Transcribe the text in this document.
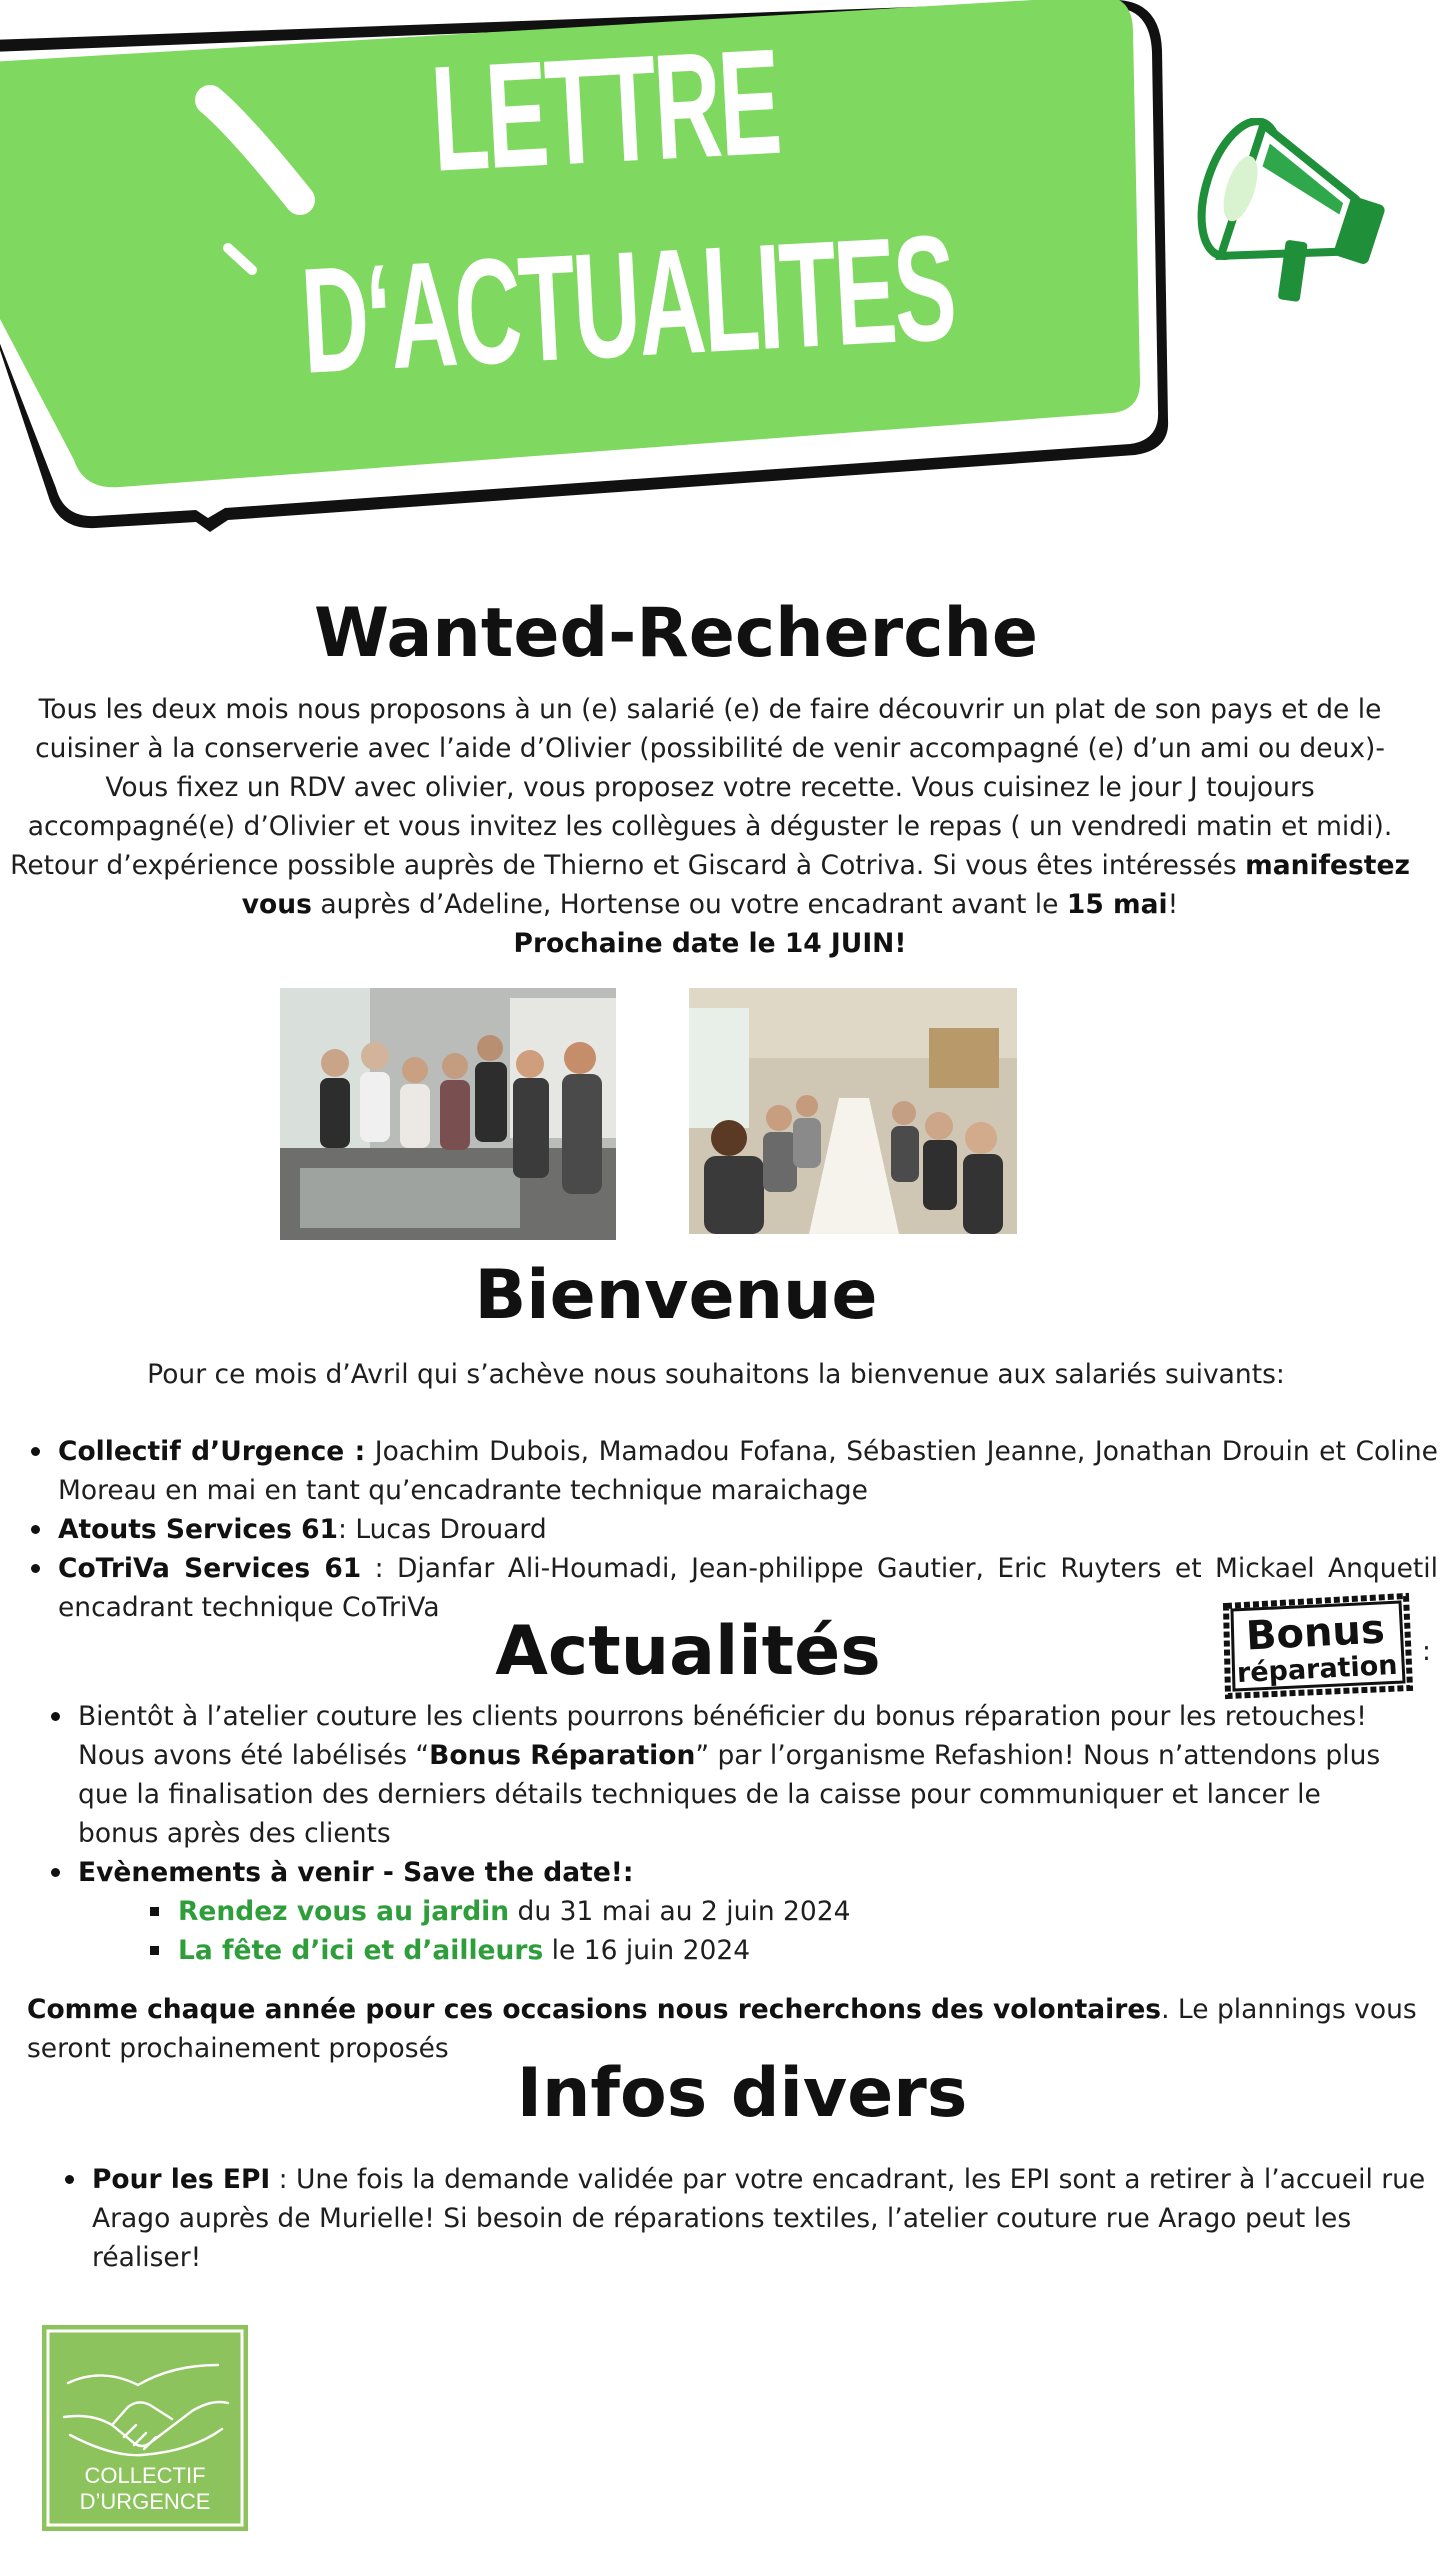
LETTRE
D‘ACTUALITES
Wanted-Recherche
Tous les deux mois nous proposons à un (e) salarié (e) de faire découvrir un plat de son pays et de le cuisiner à la conserverie avec l’aide d’Olivier (possibilité de venir accompagné (e) d’un ami ou deux)- Vous fixez un RDV avec olivier, vous proposez votre recette. Vous cuisinez le jour J toujours accompagné(e) d’Olivier et vous invitez les collègues à déguster le repas ( un vendredi matin et midi). Retour d’expérience possible auprès de Thierno et Giscard à Cotriva. Si vous êtes intéressés manifestez vous auprès d’Adeline, Hortense ou votre encadrant avant le 15 mai!
Prochaine date le 14 JUIN!
Bienvenue
Pour ce mois d’Avril qui s’achève nous souhaitons la bienvenue aux salariés suivants:
Collectif d’Urgence : Joachim Dubois, Mamadou Fofana, Sébastien Jeanne, Jonathan Drouin et Coline Moreau en mai en tant qu’encadrante technique maraichage
Atouts Services 61: Lucas Drouard
CoTriVa Services 61 : Djanfar Ali-Houmadi, Jean-philippe Gautier, Eric Ruyters et Mickael Anquetil encadrant technique CoTriVa
Actualités	Bonus
réparation :
Bientôt à l’atelier couture les clients pourrons bénéficier du bonus réparation pour les retouches! Nous avons été labélisés “Bonus Réparation” par l’organisme Refashion! Nous n’attendons plus que la finalisation des derniers détails techniques de la caisse pour communiquer et lancer le bonus après des clients
Evènements à venir - Save the date!:
Rendez vous au jardin du 31 mai au 2 juin 2024
La fête d’ici et d’ailleurs le 16 juin 2024
Comme chaque année pour ces occasions nous recherchons des volontaires. Le plannings vous seront prochainement proposés
Infos divers
Pour les EPI : Une fois la demande validée par votre encadrant, les EPI sont a retirer à l’accueil rue Arago auprès de Murielle! Si besoin de réparations textiles, l’atelier couture rue Arago peut les réaliser!
COLLECTIF
D’URGENCE
